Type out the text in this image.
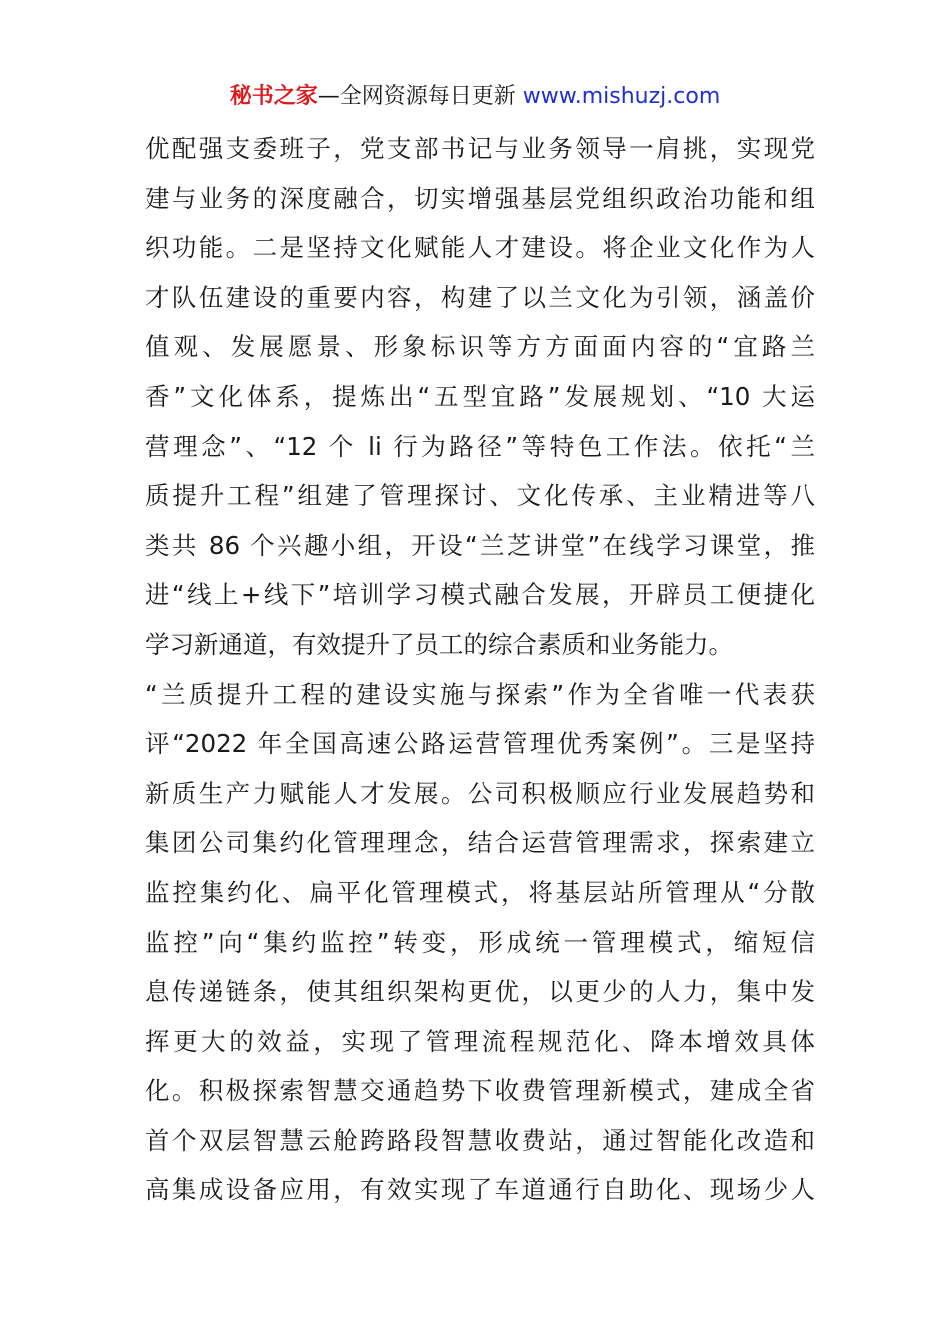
秘书之家—全网资源每日更新 www.mishuzj.com
优配强支委班子，党支部书记与业务领导一肩挑，实现党
建与业务的深度融合，切实增强基层党组织政治功能和组
织功能。二是坚持文化赋能人才建设。将企业文化作为人
才队伍建设的重要内容，构建了以兰文化为引领，涵盖价
值观、发展愿景、形象标识等方方面面内容的“宜路兰
香”文化体系，提炼出“五型宜路”发展规划、“10 大运
营理念”、“12 个 li 行为路径”等特色工作法。依托“兰
质提升工程”组建了管理探讨、文化传承、主业精进等八
类共 86 个兴趣小组，开设“兰芝讲堂”在线学习课堂，推
进“线上+线下”培训学习模式融合发展，开辟员工便捷化
学习新通道，有效提升了员工的综合素质和业务能力。
“兰质提升工程的建设实施与探索”作为全省唯一代表获
评“2022 年全国高速公路运营管理优秀案例”。三是坚持
新质生产力赋能人才发展。公司积极顺应行业发展趋势和
集团公司集约化管理理念，结合运营管理需求，探索建立
监控集约化、扁平化管理模式，将基层站所管理从“分散
监控”向“集约监控”转变，形成统一管理模式，缩短信
息传递链条，使其组织架构更优，以更少的人力，集中发
挥更大的效益，实现了管理流程规范化、降本增效具体
化。积极探索智慧交通趋势下收费管理新模式，建成全省
首个双层智慧云舱跨路段智慧收费站，通过智能化改造和
高集成设备应用，有效实现了车道通行自助化、现场少人
